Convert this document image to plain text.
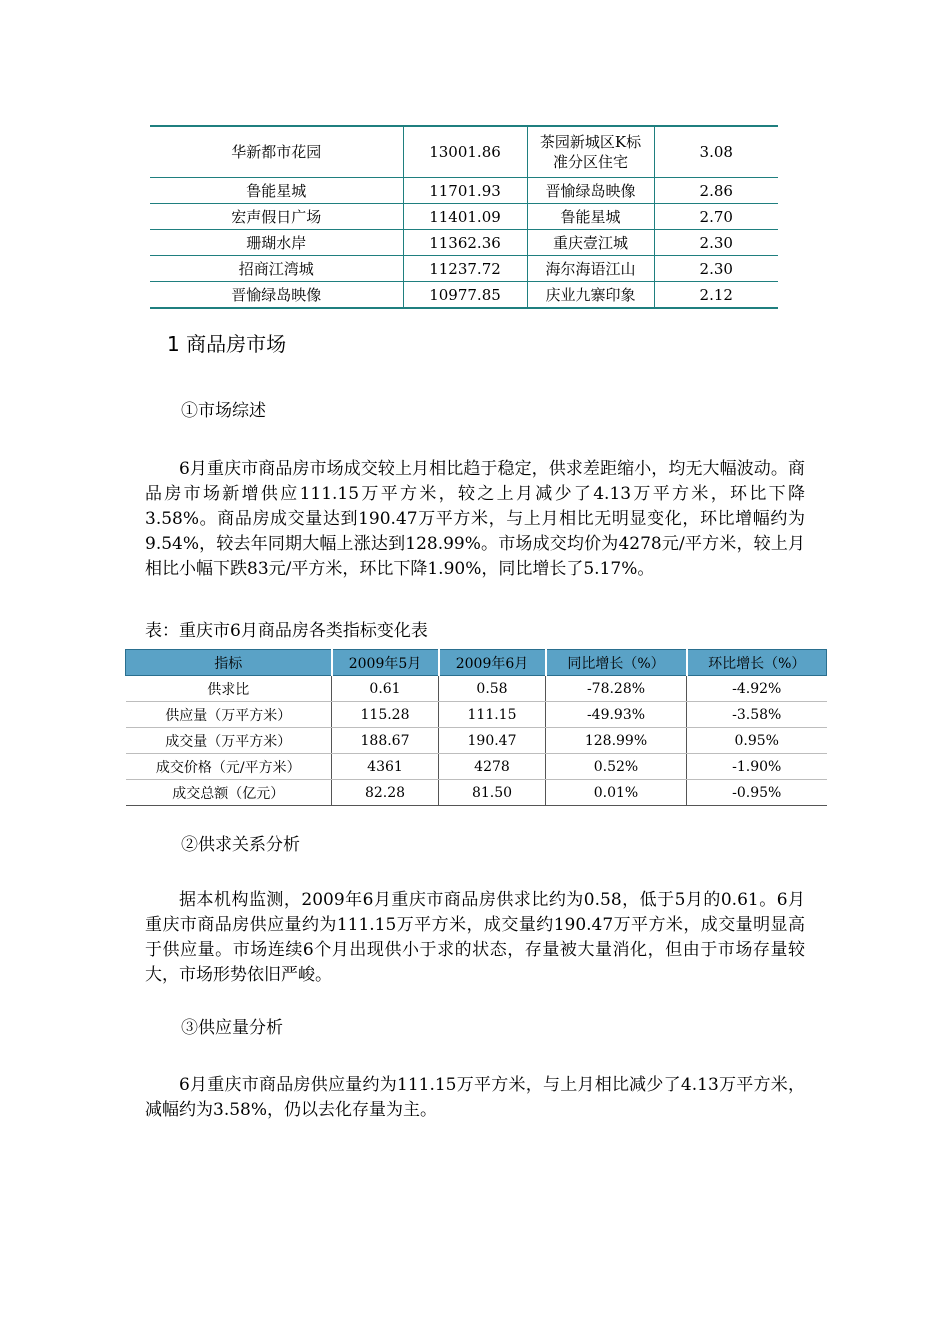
华新都市花园	13001.86	茶园新城区K标准分区住宅	3.08
鲁能星城	11701.93	晋愉绿岛映像	2.86
宏声假日广场	11401.09	鲁能星城	2.70
珊瑚水岸	11362.36	重庆壹江城	2.30
招商江湾城	11237.72	海尔海语江山	2.30
晋愉绿岛映像	10977.85	庆业九寨印象	2.12
1 商品房市场
①市场综述
6月重庆市商品房市场成交较上月相比趋于稳定，供求差距缩小，均无大幅波动。商品房市场新增供应111.15万平方米，较之上月减少了4.13万平方米，环比下降3.58%。商品房成交量达到190.47万平方米，与上月相比无明显变化，环比增幅约为9.54%，较去年同期大幅上涨达到128.99%。市场成交均价为4278元/平方米，较上月相比小幅下跌83元/平方米，环比下降1.90%，同比增长了5.17%。
表：重庆市6月商品房各类指标变化表
指标	2009年5月	2009年6月	同比增长（%）	环比增长（%）
供求比	0.61	0.58	-78.28%	-4.92%
供应量（万平方米）	115.28	111.15	-49.93%	-3.58%
成交量（万平方米）	188.67	190.47	128.99%	0.95%
成交价格（元/平方米）	4361	4278	0.52%	-1.90%
成交总额（亿元）	82.28	81.50	0.01%	-0.95%
②供求关系分析
据本机构监测，2009年6月重庆市商品房供求比约为0.58，低于5月的0.61。6月重庆市商品房供应量约为111.15万平方米，成交量约190.47万平方米，成交量明显高于供应量。市场连续6个月出现供小于求的状态，存量被大量消化，但由于市场存量较大，市场形势依旧严峻。
③供应量分析
6月重庆市商品房供应量约为111.15万平方米，与上月相比减少了4.13万平方米，减幅约为3.58%，仍以去化存量为主。
